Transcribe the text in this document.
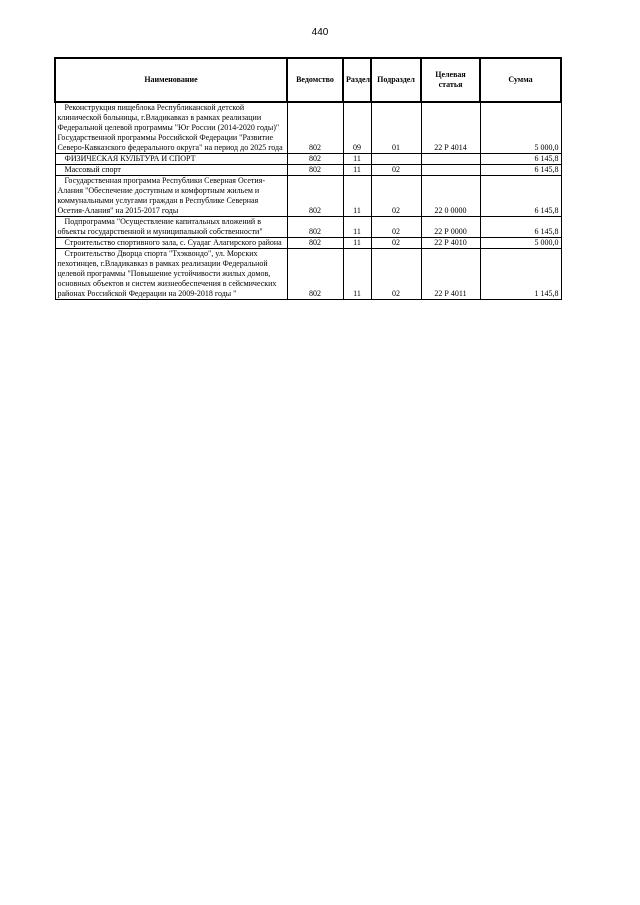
440
Наименование	Ведомство	Раздел	Подраздел	Целевая статья	Сумма
Реконструкция пищеблока Республиканской детской клинической больницы, г.Владикавказ в рамках реализации Федеральной целевой программы "Юг России (2014-2020 годы)" Государственной программы Российской Федерации "Развитие Северо-Кавказского федерального округа" на период до 2025 года	802	09	01	22 Р 4014	5 000,0
ФИЗИЧЕСКАЯ КУЛЬТУРА И СПОРТ	802	11			6 145,8
Массовый спорт	802	11	02		6 145,8
Государственная программа Республики Северная Осетия-Алания "Обеспечение доступным и комфортным жильем и коммунальными услугами граждан в Республике Северная Осетия-Алания" на 2015-2017 годы	802	11	02	22 0 0000	6 145,8
Подпрограмма "Осуществление капитальных вложений в объекты государственной и муниципальной собственности"	802	11	02	22 Р 0000	6 145,8
Строительство спортивного зала, с. Суадаг Алагирского района	802	11	02	22 Р 4010	5 000,0
Строительство Дворца спорта "Тхэквондо", ул. Морских пехотинцев, г.Владикавказ в рамках реализации Федеральной целевой программы "Повышение устойчивости жилых домов, основных объектов и систем жизнеобеспечения в сейсмических районах Российской Федерации на 2009-2018 годы "	802	11	02	22 Р 4011	1 145,8
